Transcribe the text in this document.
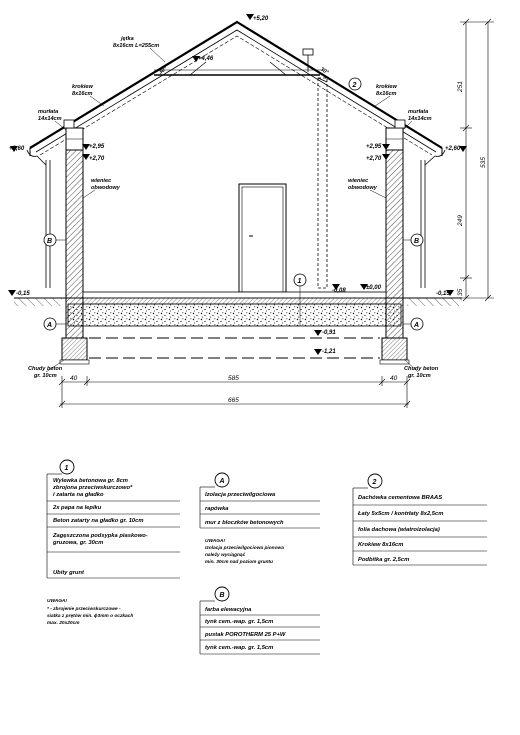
+5,20
+4,46
+2,60	+2,60
+2,95
+2,70
+2,95
+2,70
±0,00
-0,08
-0,15	-0,15
-0,91
-1,21
jętka
8x16cm L=255cm
krokiew
8x16cm
krokiew
8x16cm
murłata
14x14cm
murłata
14x14cm
wieniec
obwodowy
wieniec
obwodowy
Chudy beton
gr. 10cm
Chudy beton
gr. 10cm
30°	30°
1
2
A	A
B	B
251
249
35
535
40	585	40
665
1
Wylewka betonowa gr. 8cm
zbrojona przeciwskurczowo*
i zatarta na gładko
2x papa na lepiku
Beton zatarty na gładko gr. 10cm
Zagęszczona podsypka piaskowo-
gruzowa, gr. 30cm
Ubity grunt
UWAGA!
* - zbrojenie przeciwskurczowe -
siatka z prętów min. ϕ3mm o oczkach
max. 20x20cm
A
Izolacja przeciwilgociowa
rapówka
mur z bloczków betonowych
UWAGA!
Izolacja przeciwilgociowa pionowa
należy wyciągnąć
min. 30cm nad poziom gruntu
B
farba elewacyjna
tynk cem.-wap. gr. 1,5cm
pustak POROTHERM 25 P+W
tynk cem.-wap. gr. 1,5cm
2
Dachówka cementowa BRAAS
Łaty 5x5cm / kontrłaty 8x2,5cm
folia dachowa (wiatroizolacja)
Krokiew 8x16cm
Podbitka gr. 2,5cm
